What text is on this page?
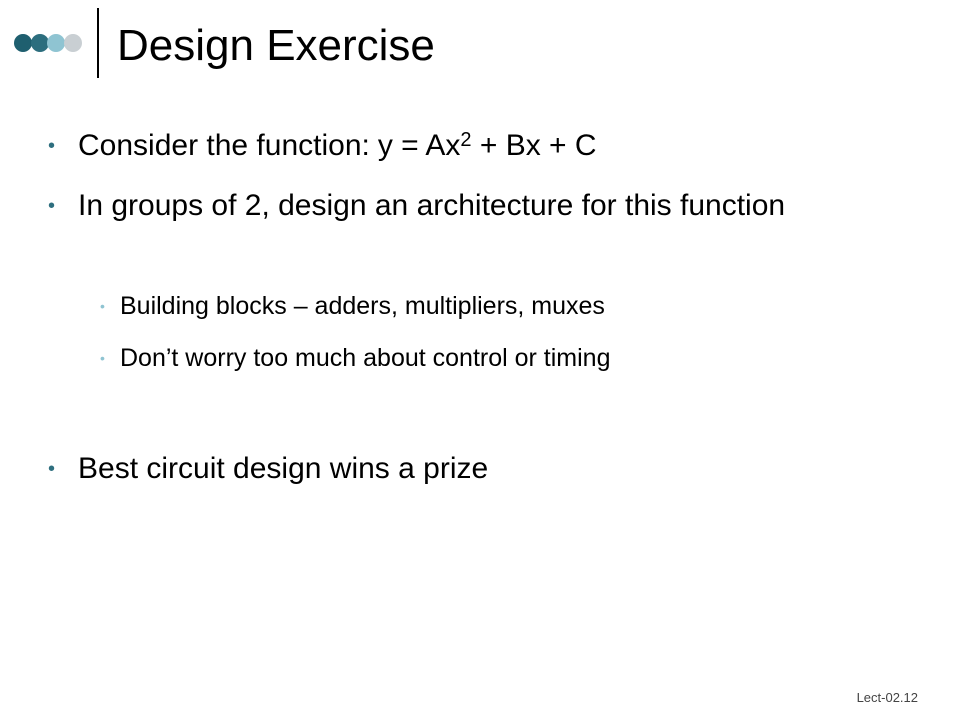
Design Exercise
• Consider the function: $y = Ax^2 + Bx + C$
• In groups of 2, design an architecture for this function
• Building blocks – adders, multipliers, muxes
• Don’t worry too much about control or timing
• Best circuit design wins a prize
Lect-02.12
